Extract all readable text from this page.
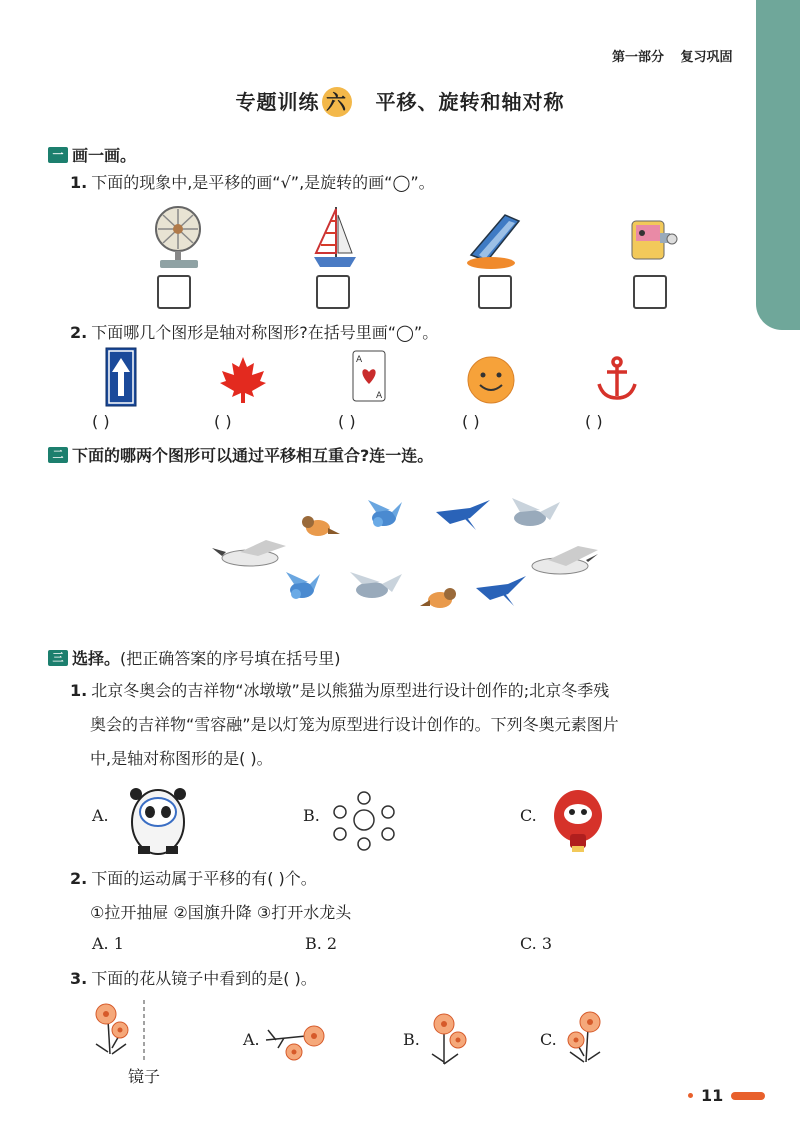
第一部分 复习巩固
专题训练 六 平移、旋转和轴对称
一 画一画。
1. 下面的现象中,是平移的画“√”,是旋转的画“◯”。
2. 下面哪几个图形是轴对称图形?在括号里画“◯”。
A
A
( )	( )	( )	( )	( )
二 下面的哪两个图形可以通过平移相互重合?连一连。
三 选择。 (把正确答案的序号填在括号里)
1. 北京冬奥会的吉祥物“冰墩墩”是以熊猫为原型进行设计创作的;北京冬季残
奥会的吉祥物“雪容融”是以灯笼为原型进行设计创作的。下列冬奥元素图片
中,是轴对称图形的是( )。
A.	B.	C.
2. 下面的运动属于平移的有( )个。
①拉开抽屉 ②国旗升降 ③打开水龙头
A. 1	B. 2	C. 3
3. 下面的花从镜子中看到的是( )。
镜子
A.	B.	C.
11
